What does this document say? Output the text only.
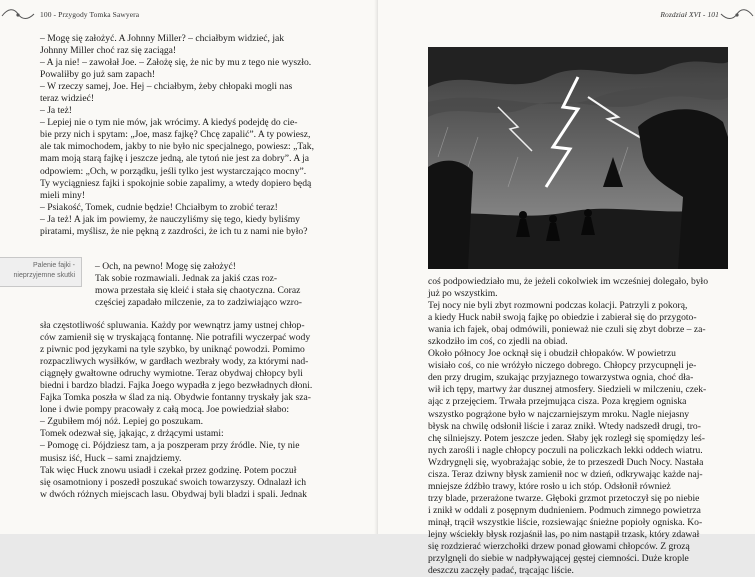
100 - Przygody Tomka Sawyera

– Mogę się założyć. A Johnny Miller? – chciałbym widzieć, jak

Johnny Miller choć raz się zaciąga!

– A ja nie! – zawołał Joe. – Założę się, że nic by mu z tego nie wyszło.

Powaliłby go już sam zapach!

– W rzeczy samej, Joe. Hej – chciałbym, żeby chłopaki mogli nas

teraz widzieć!

– Ja też!

– Lepiej nie o tym nie mów, jak wrócimy. A kiedyś podejdę do cie-

bie przy nich i spytam: „Joe, masz fajkę? Chcę zapalić”. A ty powiesz,

ale tak mimochodem, jakby to nie było nic specjalnego, powiesz: „Tak,

mam moją starą fajkę i jeszcze jedną, ale tytoń nie jest za dobry”. A ja

odpowiem: „Och, w porządku, jeśli tylko jest wystarczająco mocny”.

Ty wyciągniesz fajki i spokojnie sobie zapalimy, a wtedy dopiero będą

mieli miny!

– Psiakość, Tomek, cudnie będzie! Chciałbym to zrobić teraz!

– Ja też! A jak im powiemy, że nauczyliśmy się tego, kiedy byliśmy

piratami, myślisz, że nie pękną z zazdrości, że ich tu z nami nie było?

Palenie fajki -
nieprzyjemne skutki

– Och, na pewno! Mogę się założyć!

Tak sobie rozmawiali. Jednak za jakiś czas roz-

mowa przestała się kleić i stała się chaotyczna. Coraz

częściej zapadało milczenie, za to zadziwiająco wzro-

sła częstotliwość spluwania. Każdy por wewnątrz jamy ustnej chłop-

ców zamienił się w tryskającą fontannę. Nie potrafili wyczerpać wody

z piwnic pod językami na tyle szybko, by uniknąć powodzi. Pomimo

rozpaczliwych wysiłków, w gardłach wezbrały wody, za którymi nad-

ciągnęły gwałtowne odruchy wymiotne. Teraz obydwaj chłopcy byli

biedni i bardzo bladzi. Fajka Joego wypadła z jego bezwładnych dłoni.

Fajka Tomka poszła w ślad za nią. Obydwie fontanny tryskały jak sza-

lone i dwie pompy pracowały z całą mocą. Joe powiedział słabo:

– Zgubiłem mój nóż. Lepiej go poszukam.

Tomek odezwał się, jąkając, z drżącymi ustami:

– Pomogę ci. Pójdziesz tam, a ja poszperam przy źródle. Nie, ty nie

musisz iść, Huck – sami znajdziemy.

Tak więc Huck znowu usiadł i czekał przez godzinę. Potem poczuł

się osamotniony i poszedł poszukać swoich towarzyszy. Odnalazł ich

w dwóch różnych miejscach lasu. Obydwaj byli bladzi i spali. Jednak

Rozdział XVI - 101

coś podpowiedziało mu, że jeżeli cokolwiek im wcześniej dolegało, było

już po wszystkim.

Tej nocy nie byli zbyt rozmowni podczas kolacji. Patrzyli z pokorą,

a kiedy Huck nabił swoją fajkę po obiedzie i zabierał się do przygoto-

wania ich fajek, obaj odmówili, ponieważ nie czuli się zbyt dobrze – za-

szkodziło im coś, co zjedli na obiad.

Około północy Joe ocknął się i obudził chłopaków. W powietrzu

wisiało coś, co nie wróżyło niczego dobrego. Chłopcy przycupnęli je-

den przy drugim, szukając przyjaznego towarzystwa ognia, choć dła-

wił ich tępy, martwy żar dusznej atmosfery. Siedzieli w milczeniu, czek-

ając z przejęciem. Trwała przejmująca cisza. Poza kręgiem ogniska

wszystko pogrążone było w najczarniejszym mroku. Nagle niejasny

błysk na chwilę odsłonił liście i zaraz znikł. Wtedy nadszedł drugi, tro-

chę silniejszy. Potem jeszcze jeden. Słaby jęk rozległ się spomiędzy leś-

nych zarośli i nagle chłopcy poczuli na policzkach lekki oddech wiatru.

Wzdrygnęli się, wyobrażając sobie, że to przeszedł Duch Nocy. Nastała

cisza. Teraz dziwny błysk zamienił noc w dzień, odkrywając każde naj-

mniejsze źdźbło trawy, które rosło u ich stóp. Odsłonił również

trzy blade, przerażone twarze. Głęboki grzmot przetoczył się po niebie

i znikł w oddali z posępnym dudnieniem. Podmuch zimnego powietrza

minął, trącił wszystkie liście, rozsiewając śnieżne popioły ogniska. Ko-

lejny wściekły błysk rozjaśnił las, po nim nastąpił trzask, który zdawał

się rozdzierać wierzchołki drzew ponad głowami chłopców. Z grozą

przylgnęli do siebie w nadpływającej gęstej ciemności. Duże krople

deszczu zaczęły padać, trącając liście.
